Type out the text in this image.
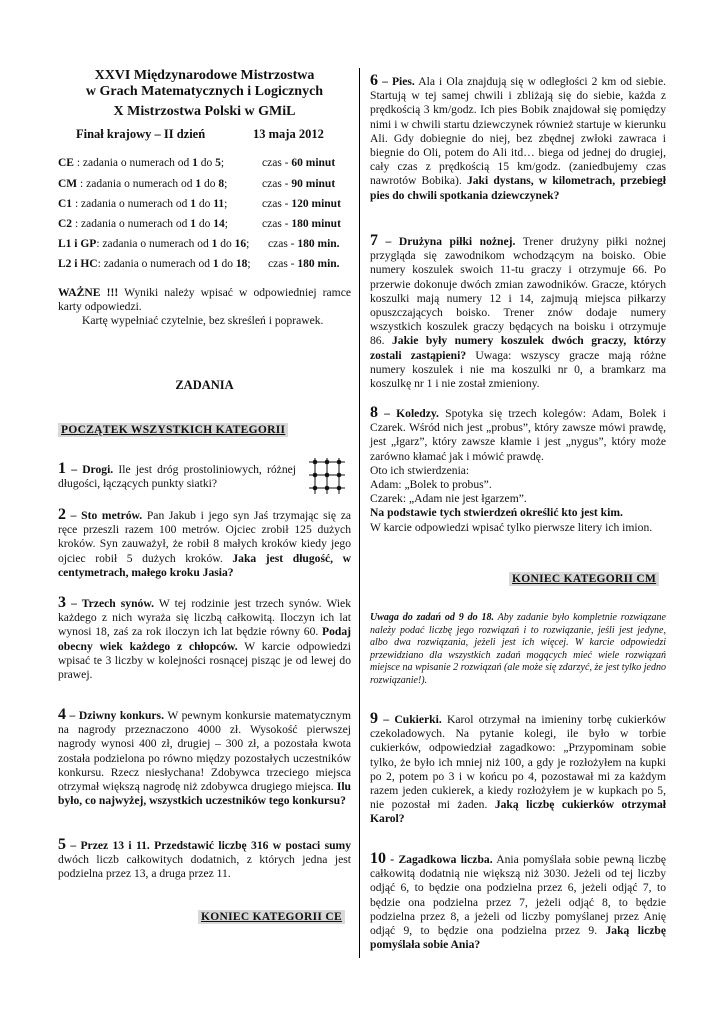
XXVI Międzynarodowe Mistrzostwa
w Grach Matematycznych i Logicznych
X Mistrzostwa Polski w GMiL
Finał krajowy – II dzień	13 maja 2012
CE : zadania o numerach od 1 do 5;	czas - 60 minut
CM : zadania o numerach od 1 do 8;	czas - 90 minut
C1 : zadania o numerach od 1 do 11;	czas - 120 minut
C2 : zadania o numerach od 1 do 14;	czas - 180 minut
L1 i GP: zadania o numerach od 1 do 16; czas - 180 min.
L2 i HC: zadania o numerach od 1 do 18; czas - 180 min.
WAŻNE !!! Wyniki należy wpisać w odpowiedniej ramce karty odpowiedzi.
Kartę wypełniać czytelnie, bez skreśleń i poprawek.
ZADANIA
POCZĄTEK WSZYSTKICH KATEGORII
1 – Drogi. Ile jest dróg prostoliniowych, różnej długości, łączących punkty siatki?
2 – Sto metrów. Pan Jakub i jego syn Jaś trzymając się za ręce przeszli razem 100 metrów. Ojciec zrobił 125 dużych kroków. Syn zauważył, że robił 8 małych kroków kiedy jego ojciec robił 5 dużych kroków. Jaka jest długość, w centymetrach, małego kroku Jasia?
3 – Trzech synów. W tej rodzinie jest trzech synów. Wiek każdego z nich wyraża się liczbą całkowitą. Iloczyn ich lat wynosi 18, zaś za rok iloczyn ich lat będzie równy 60. Podaj obecny wiek każdego z chłopców. W karcie odpowiedzi wpisać te 3 liczby w kolejności rosnącej pisząc je od lewej do prawej.
4 – Dziwny konkurs. W pewnym konkursie matematycznym na nagrody przeznaczono 4000 zł. Wysokość pierwszej nagrody wynosi 400 zł, drugiej – 300 zł, a pozostała kwota została podzielona po równo między pozostałych uczestników konkursu. Rzecz niesłychana! Zdobywca trzeciego miejsca otrzymał większą nagrodę niż zdobywca drugiego miejsca. Ilu było, co najwyżej, wszystkich uczestników tego konkursu?
5 – Przez 13 i 11. Przedstawić liczbę 316 w postaci sumy dwóch liczb całkowitych dodatnich, z których jedna jest podzielna przez 13, a druga przez 11.
KONIEC KATEGORII CE
6 – Pies. Ala i Ola znajdują się w odległości 2 km od siebie. Startują w tej samej chwili i zbliżają się do siebie, każda z prędkością 3 km/godz. Ich pies Bobik znajdował się pomiędzy nimi i w chwili startu dziewczynek również startuje w kierunku Ali. Gdy dobiegnie do niej, bez zbędnej zwłoki zawraca i biegnie do Oli, potem do Ali itd… biega od jednej do drugiej, cały czas z prędkością 15 km/godz. (zaniedbujemy czas nawrotów Bobika). Jaki dystans, w kilometrach, przebiegł pies do chwili spotkania dziewczynek?
7 – Drużyna piłki nożnej. Trener drużyny piłki nożnej przygląda się zawodnikom wchodzącym na boisko. Obie numery koszulek swoich 11-tu graczy i otrzymuje 66. Po przerwie dokonuje dwóch zmian zawodników. Gracze, których koszulki mają numery 12 i 14, zajmują miejsca piłkarzy opuszczających boisko. Trener znów dodaje numery wszystkich koszulek graczy będących na boisku i otrzymuje 86. Jakie były numery koszulek dwóch graczy, którzy zostali zastąpieni? Uwaga: wszyscy gracze mają różne numery koszulek i nie ma koszulki nr 0, a bramkarz ma koszulkę nr 1 i nie został zmieniony.
8 – Koledzy. Spotyka się trzech kolegów: Adam, Bolek i Czarek. Wśród nich jest „probus”, który zawsze mówi prawdę, jest „łgarz”, który zawsze kłamie i jest „nygus”, który może zarówno kłamać jak i mówić prawdę.
Oto ich stwierdzenia:
Adam: „Bolek to probus”.
Czarek: „Adam nie jest łgarzem”.
Na podstawie tych stwierdzeń określić kto jest kim.
W karcie odpowiedzi wpisać tylko pierwsze litery ich imion.
KONIEC KATEGORII CM
Uwaga do zadań od 9 do 18. Aby zadanie było kompletnie rozwiązane należy podać liczbę jego rozwiązań i to rozwiązanie, jeśli jest jedyne, albo dwa rozwiązania, jeżeli jest ich więcej. W karcie odpowiedzi przewidziano dla wszystkich zadań mogących mieć wiele rozwiązań miejsce na wpisanie 2 rozwiązań (ale może się zdarzyć, że jest tylko jedno rozwiązanie!).
9 – Cukierki. Karol otrzymał na imieniny torbę cukierków czekoladowych. Na pytanie kolegi, ile było w torbie cukierków, odpowiedział zagadkowo: „Przypominam sobie tylko, że było ich mniej niż 100, a gdy je rozłożyłem na kupki po 2, potem po 3 i w końcu po 4, pozostawał mi za każdym razem jeden cukierek, a kiedy rozłożyłem je w kupkach po 5, nie pozostał mi żaden. Jaką liczbę cukierków otrzymał Karol?
10 - Zagadkowa liczba. Ania pomyślała sobie pewną liczbę całkowitą dodatnią nie większą niż 3030. Jeżeli od tej liczby odjąć 6, to będzie ona podzielna przez 6, jeżeli odjąć 7, to będzie ona podzielna przez 7, jeżeli odjąć 8, to będzie podzielna przez 8, a jeżeli od liczby pomyślanej przez Anię odjąć 9, to będzie ona podzielna przez 9. Jaką liczbę pomyślała sobie Ania?
